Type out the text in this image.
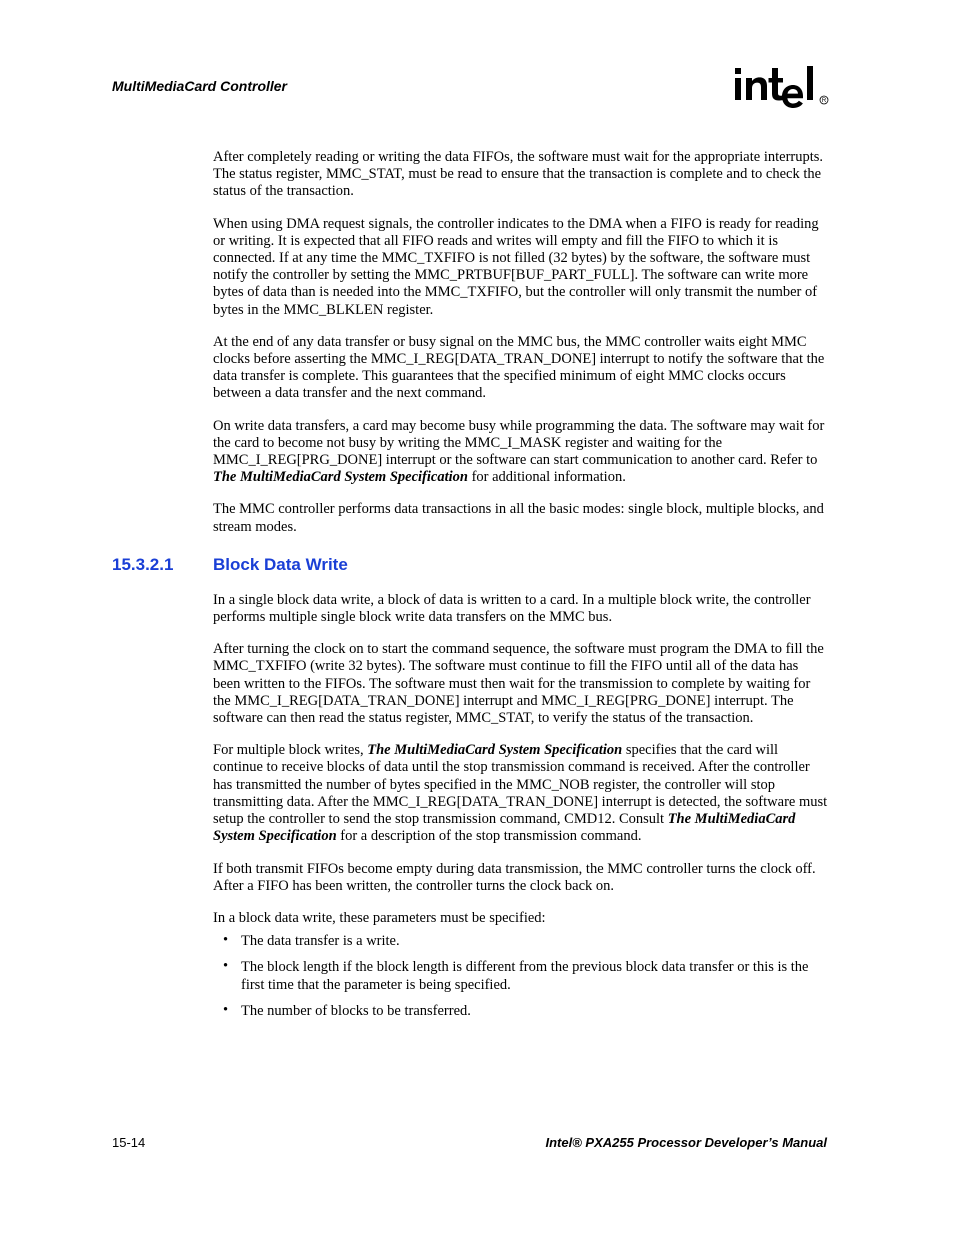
MultiMediaCard Controller
R

After completely reading or writing the data FIFOs, the software must wait for the appropriate interrupts. The status register, MMC_STAT, must be read to ensure that the transaction is complete and to check the status of the transaction.

When using DMA request signals, the controller indicates to the DMA when a FIFO is ready for reading or writing. It is expected that all FIFO reads and writes will empty and fill the FIFO to which it is connected. If at any time the MMC_TXFIFO is not filled (32 bytes) by the software, the software must notify the controller by setting the MMC_PRTBUF[BUF_PART_FULL]. The software can write more bytes of data than is needed into the MMC_TXFIFO, but the controller will only transmit the number of bytes in the MMC_BLKLEN register.

At the end of any data transfer or busy signal on the MMC bus, the MMC controller waits eight MMC clocks before asserting the MMC_I_REG[DATA_TRAN_DONE] interrupt to notify the software that the data transfer is complete. This guarantees that the specified minimum of eight MMC clocks occurs between a data transfer and the next command.

On write data transfers, a card may become busy while programming the data. The software may wait for the card to become not busy by writing the MMC_I_MASK register and waiting for the MMC_I_REG[PRG_DONE] interrupt or the software can start communication to another card. Refer to The MultiMediaCard System Specification for additional information.

The MMC controller performs data transactions in all the basic modes: single block, multiple blocks, and stream modes.

15.3.2.1 Block Data Write

In a single block data write, a block of data is written to a card. In a multiple block write, the controller performs multiple single block write data transfers on the MMC bus.

After turning the clock on to start the command sequence, the software must program the DMA to fill the MMC_TXFIFO (write 32 bytes). The software must continue to fill the FIFO until all of the data has been written to the FIFOs. The software must then wait for the transmission to complete by waiting for the MMC_I_REG[DATA_TRAN_DONE] interrupt and MMC_I_REG[PRG_DONE] interrupt. The software can then read the status register, MMC_STAT, to verify the status of the transaction.

For multiple block writes, The MultiMediaCard System Specification specifies that the card will continue to receive blocks of data until the stop transmission command is received. After the controller has transmitted the number of bytes specified in the MMC_NOB register, the controller will stop transmitting data. After the MMC_I_REG[DATA_TRAN_DONE] interrupt is detected, the software must setup the controller to send the stop transmission command, CMD12. Consult The MultiMediaCard System Specification for a description of the stop transmission command.

If both transmit FIFOs become empty during data transmission, the MMC controller turns the clock off. After a FIFO has been written, the controller turns the clock back on.

In a block data write, these parameters must be specified:

• The data transfer is a write.
• The block length if the block length is different from the previous block data transfer or this is the first time that the parameter is being specified.
• The number of blocks to be transferred.
15-14	Intel® PXA255 Processor Developer’s Manual
